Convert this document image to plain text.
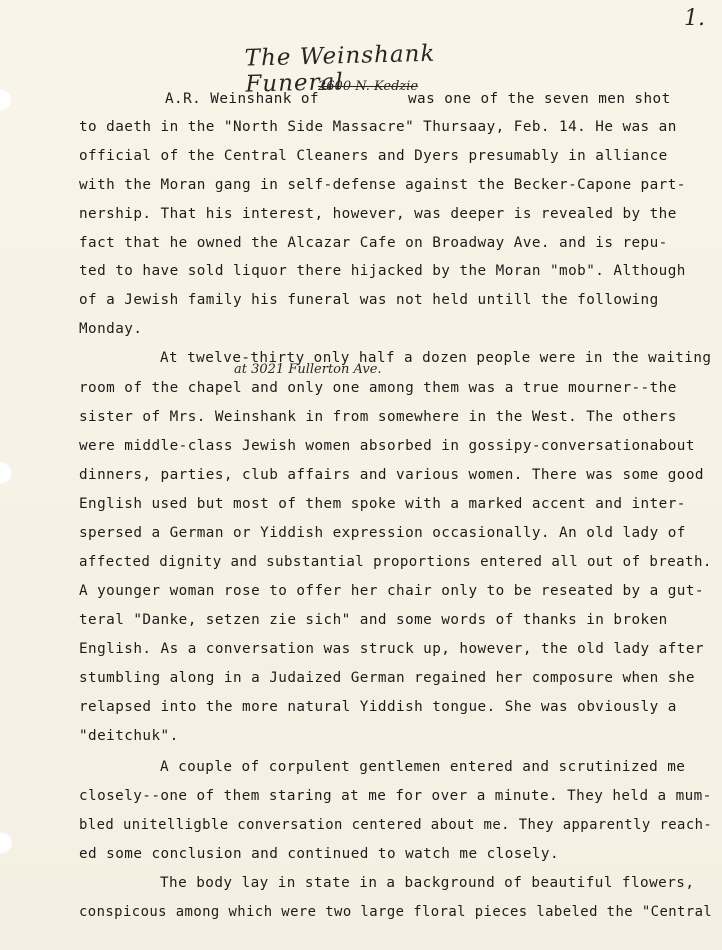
1.
The Weinshank Funeral
A.R. Weinshank of
2600 N. Kedzie
was one of the seven men shot
to daeth in the "North Side Massacre" Thursaay, Feb. 14. He was an
official of the Central Cleaners and Dyers presumably in alliance
with the Moran gang in self-defense against the Becker-Capone part-
nership. That his interest, however, was deeper is revealed by the
fact that he owned the Alcazar Cafe on Broadway Ave. and is repu-
ted to have sold liquor there hijacked by the Moran "mob". Although
of a Jewish family his funeral was not held untill the following
Monday.
At twelve-thirty only half a dozen people were in the waiting
at 3021 Fullerton Ave.
room of the chapel and only one among them was a true mourner--the
sister of Mrs. Weinshank in from somewhere in the West. The others
were middle-class Jewish women absorbed in gossipy-conversationabout
dinners, parties, club affairs and various women. There was some good
English used but most of them spoke with a marked accent and inter-
spersed a German or Yiddish expression occasionally. An old lady of
affected dignity and substantial proportions entered all out of breath.
A younger woman rose to offer her chair only to be reseated by a gut-
teral "Danke, setzen zie sich" and some words of thanks in broken
English. As a conversation was struck up, however, the old lady after
stumbling along in a Judaized German regained her composure when she
relapsed into the more natural Yiddish tongue. She was obviously a
"deitchuk".
A couple of corpulent gentlemen entered and scrutinized me
closely--one of them staring at me for over a minute. They held a mum-
bled unitelligble conversation centered about me. They apparently reach-
ed some conclusion and continued to watch me closely.
The body lay in state in a background of beautiful flowers,
conspicous among which were two large floral pieces labeled the "Central
